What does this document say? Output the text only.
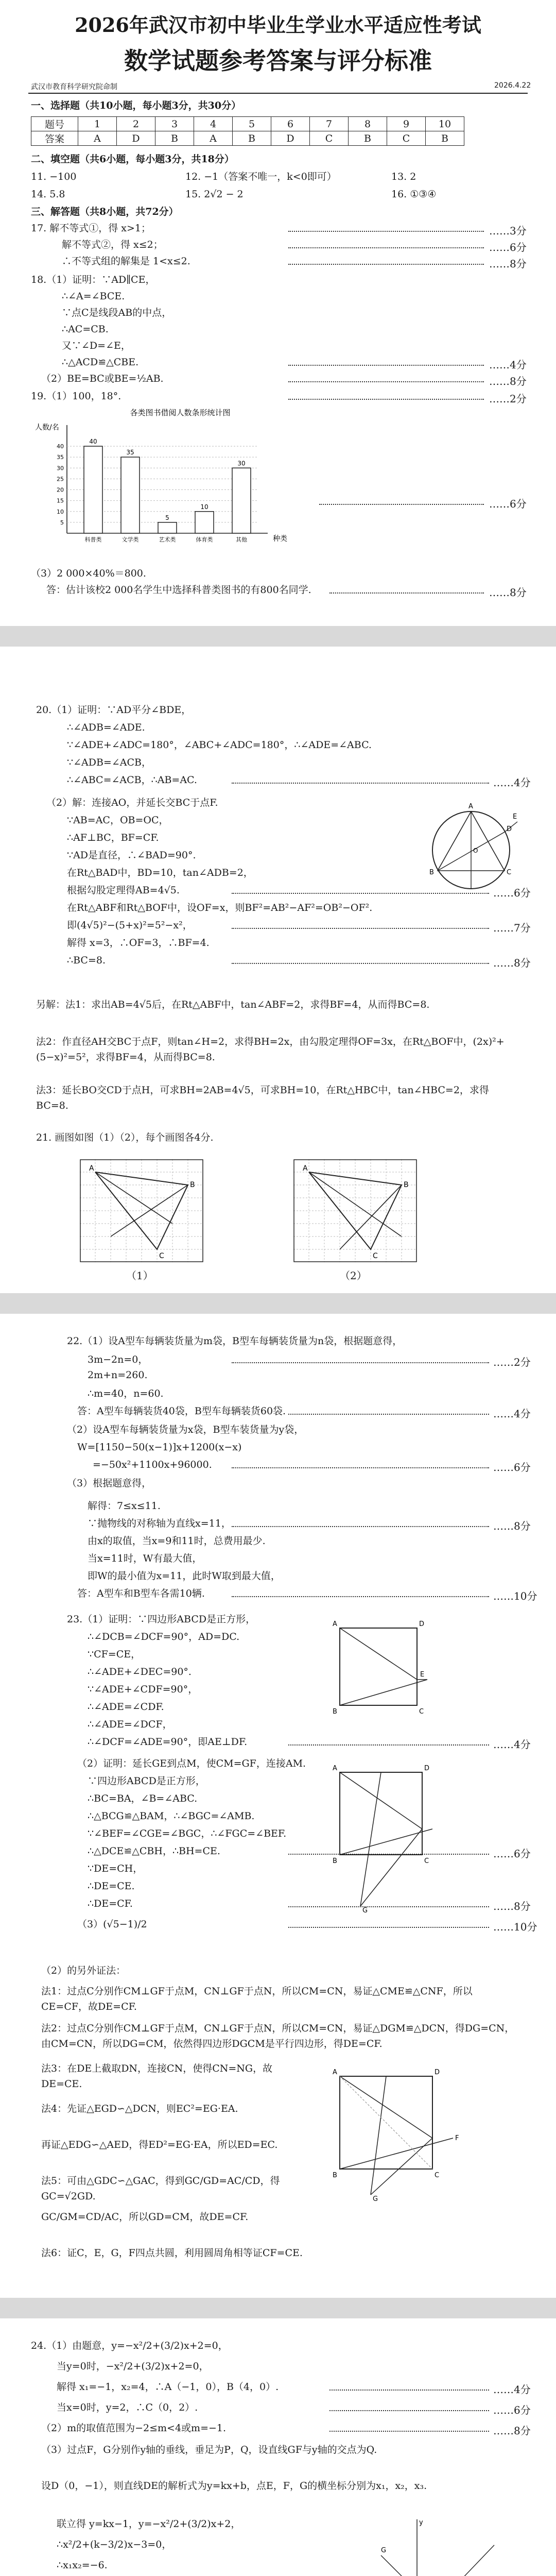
2026年武汉市初中毕业生学业水平适应性考试
数学试题参考答案与评分标准
武汉市教育科学研究院命制	2026.4.22
一、选择题（共10小题，每小题3分，共30分）
题号	1	2	3	4	5	6	7	8	9	10
答案	A	D	B	A	B	D	C	B	C	B
二、填空题（共6小题，每小题3分，共18分）
11. −100	12. −1（答案不唯一，k<0即可）	13. 2
14. 5.8	15. 2√2 − 2	16. ①③④
三、解答题（共8小题，共72分）
17. 解不等式①，得 x>1；
解不等式②，得 x≤2；
∴不等式组的解集是 1<x≤2.
……3分
……6分
……8分
18.（1）证明：∵AD∥CE，
∴∠A=∠BCE.
∵点C是线段AB的中点，
∴AC=CB.
又∵∠D=∠E，
∴△ACD≌△CBE.
（2）BE=BC或BE=½AB.
……4分
……8分
19.（1）100，18°.	……2分
各类图书借阅人数条形统计图
人数/名
种类
5
10
15
20
25
30
35
40
40
科普类
35
文学类
5
艺术类
10
体育类
30
其他
……6分
（3）2 000×40%＝800.
答：估计该校2 000名学生中选择科普类图书的有800名同学.	……8分
20.（1）证明：∵AD平分∠BDE，
∴∠ADB=∠ADE.
∵∠ADE+∠ADC=180°，∠ABC+∠ADC=180°，∴∠ADE=∠ABC.
∵∠ADB=∠ACB，
∴∠ABC=∠ACB，∴AB=AC.	……4分
（2）解：连接AO，并延长交BC于点F.
∵AB=AC，OB=OC，
∴AF⊥BC，BF=CF.
∵AD是直径，∴∠BAD=90°.
在Rt△BAD中，BD=10，tan∠ADB=2，
根据勾股定理得AB=4√5.	……6分
在Rt△ABF和Rt△BOF中，设OF=x，则BF²=AB²−AF²=OB²−OF².
即(4√5)²−(5+x)²=5²−x²，	……7分
解得 x=3，∴OF=3，∴BF=4.
∴BC=8.	……8分
A
B	C
D
E
O
另解：法1：求出AB=4√5后，在Rt△ABF中，tan∠ABF=2，求得BF=4，从而得BC=8.
法2：作直径AH交BC于点F，则tan∠H=2，求得BH=2x，由勾股定理得OF=3x，在Rt△BOF中，(2x)²+(5−x)²=5²，求得BF=4，从而得BC=8.
法3：延长BO交CD于点H，可求BH=2AB=4√5，可求BH=10，在Rt△HBC中，tan∠HBC=2，求得BC=8.
21. 画图如图（1）（2），每个画图各4分.
A
B
C
（1）
A
B
C
（2）
22.（1）设A型车每辆装货量为m袋，B型车每辆装货量为n袋，根据题意得，
3m−2n=0，
2m+n=260.
……2分
∴m=40，n=60.
答：A型车每辆装货40袋，B型车每辆装货60袋.	……4分
（2）设A型车每辆装货量为x袋，B型车装货量为y袋，
W=[1150−50(x−1)]x+1200(x−x)
=−50x²+1100x+96000.	……6分
（3）根据题意得，
解得：7≤x≤11.
∵抛物线的对称轴为直线x=11，	……8分
由x的取值，当x=9和11时，总费用最少.
当x=11时，W有最大值，
即W的最小值为x=11，此时W取到最大值，
答：A型车和B型车各需10辆.	……10分
23.（1）证明：∵四边形ABCD是正方形，
∴∠DCB=∠DCF=90°，AD=DC.
∵CF=CE，
∴∠ADE+∠DEC=90°.
∵∠ADE+∠CDF=90°，
∴∠ADE=∠CDF.
∴∠ADE=∠DCF，
∴∠DCF=∠ADE=90°，即AE⊥DF.	……4分
（2）证明：延长GE到点M，使CM=GF，连接AM.
∵四边形ABCD是正方形，
∴BC=BA，∠B=∠ABC.
∴△BCG≌△BAM，∴∠BGC=∠AMB.
∵∠BEF=∠CGE=∠BGC，∴∠FGC=∠BEF.
∴△DCE≌△CBH，∴BH=CE.	……6分
∵DE=CH，
∴DE=CE.
∴DE=CF.	……8分
（3）(√5−1)/2	……10分
A	D
B	C
E
A	D
B	C
G
（2）的另外证法：
法1：过点C分别作CM⊥GF于点M，CN⊥GF于点N，所以CM=CN，易证△CME≌△CNF，所以CE=CF，故DE=CF.
法2：过点C分别作CM⊥GF于点M，CN⊥GF于点N，所以CM=CN，易证△DGM≌△DCN，得DG=CN，由CM=CN，所以DG=CM，依然得四边形DGCM是平行四边形，得DE=CF.
法3：在DE上截取DN，连接CN，使得CN=NG，故DE=CE.
法4：先证△EGD∽△DCN，则EC²=EG·EA.
再证△EDG∽△AED，得ED²=EG·EA，所以ED=EC.
法5：可由△GDC∽△GAC，得到GC/GD=AC/CD，得GC=√2GD.
GC/GM=CD/AC，所以GD=CM，故DE=CF.
法6：证C，E，G，F四点共圆，利用圆周角相等证CF=CE.
A	D
B	C
G
F
24.（1）由题意，y=−x²/2+(3/2)x+2=0，
当y=0时，−x²/2+(3/2)x+2=0，
解得 x₁=−1，x₂=4，∴A（−1，0），B（4，0）.	……4分
当x=0时，y=2，∴C（0，2）.	……6分
（2）m的取值范围为−2≤m<4或m=−1.	……8分
（3）过点F，G分别作y轴的垂线，垂足为P，Q，设直线GF与y轴的交点为Q.
设D（0，−1），则直线DE的解析式为y=kx+b，点E，F，G的横坐标分别为x₁，x₂，x₃.
联立得 y=kx−1，y=−x²/2+(3/2)x+2，
∴x²/2+(k−3/2)x−3=0，
∴x₁x₂=−6.
y
G
